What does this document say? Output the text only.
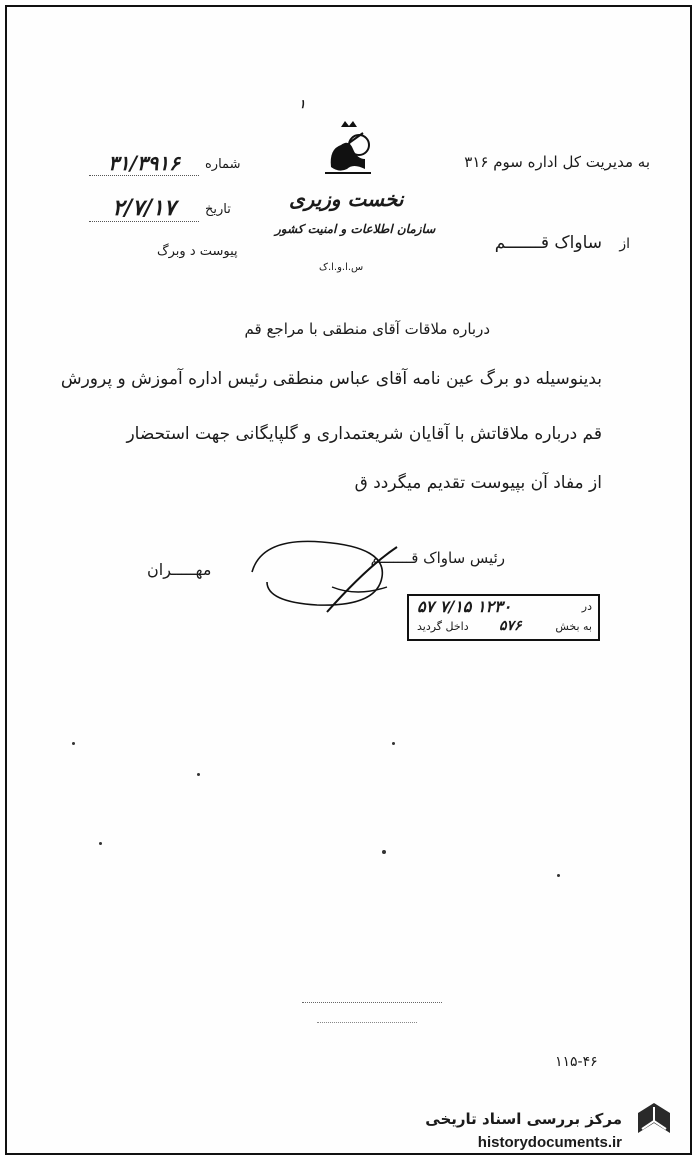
۱
نخست وزیری
سازمان اطلاعات و امنیت کشور
س.ا.و.ا.ک
به مدیریت کل اداره سوم ۳۱۶
ساواک قـــــــم از
شماره
۳۱/۳۹۱۶
تاریخ
۲/۷/۱۷
پیوست د وبرگ
درباره ملاقات آقای منطقی با مراجع قم
بدینوسیله دو برگ عین نامه آقای عباس منطقی رئیس اداره آموزش و پرورش
قم درباره ملاقاتش با آقایان شریعتمداری و گلپایگانی جهت استحضار
از مفاد آن بپیوست تقدیم میگردد ق
رئیس ساواک قـــــــم
مهـــــران
در
۵۷ ۷/۱۵ ۱۲۳۰
به بخش
۵۷۶
داخل گردید
۱۱۵-۴۶
مرکز بررسی اسناد تاریخی
historydocuments.ir
